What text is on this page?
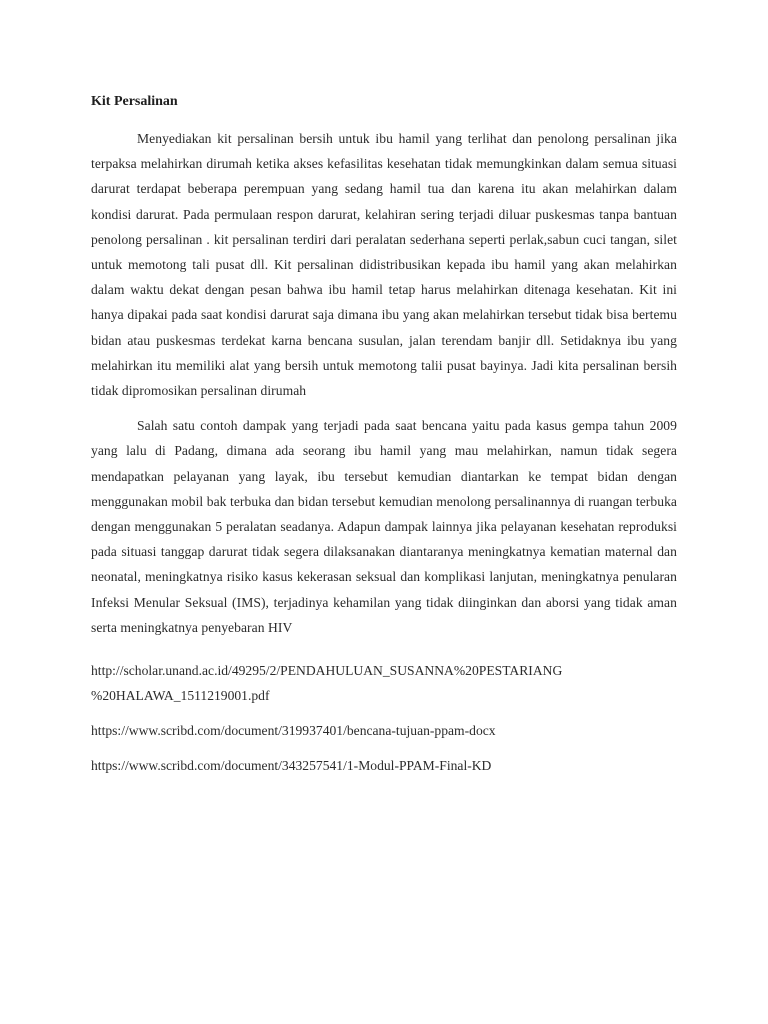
Kit Persalinan

Menyediakan kit persalinan bersih untuk ibu hamil yang terlihat dan penolong persalinan jika terpaksa melahirkan dirumah ketika akses kefasilitas kesehatan tidak memungkinkan dalam semua situasi darurat terdapat beberapa perempuan yang sedang hamil tua dan karena itu akan melahirkan dalam kondisi darurat. Pada permulaan respon darurat, kelahiran sering terjadi diluar puskesmas tanpa bantuan penolong persalinan . kit persalinan terdiri dari peralatan sederhana seperti perlak,sabun cuci tangan, silet untuk memotong tali pusat dll. Kit persalinan didistribusikan kepada ibu hamil yang akan melahirkan dalam waktu dekat dengan pesan bahwa ibu hamil tetap harus melahirkan ditenaga kesehatan. Kit ini hanya dipakai pada saat kondisi darurat saja dimana ibu yang akan melahirkan tersebut tidak bisa bertemu bidan atau puskesmas terdekat karna bencana susulan, jalan terendam banjir dll. Setidaknya ibu yang melahirkan itu memiliki alat yang bersih untuk memotong talii pusat bayinya. Jadi kita persalinan bersih tidak dipromosikan persalinan dirumah

Salah satu contoh dampak yang terjadi pada saat bencana yaitu pada kasus gempa tahun 2009 yang lalu di Padang, dimana ada seorang ibu hamil yang mau melahirkan, namun tidak segera mendapatkan pelayanan yang layak, ibu tersebut kemudian diantarkan ke tempat bidan dengan menggunakan mobil bak terbuka dan bidan tersebut kemudian menolong persalinannya di ruangan terbuka dengan menggunakan 5 peralatan seadanya. Adapun dampak lainnya jika pelayanan kesehatan reproduksi pada situasi tanggap darurat tidak segera dilaksanakan diantaranya meningkatnya kematian maternal dan neonatal, meningkatnya risiko kasus kekerasan seksual dan komplikasi lanjutan, meningkatnya penularan Infeksi Menular Seksual (IMS), terjadinya kehamilan yang tidak diinginkan dan aborsi yang tidak aman serta meningkatnya penyebaran HIV

http://scholar.unand.ac.id/49295/2/PENDAHULUAN_SUSANNA%20PESTARIANG
%20HALAWA_1511219001.pdf
https://www.scribd.com/document/319937401/bencana-tujuan-ppam-docx
https://www.scribd.com/document/343257541/1-Modul-PPAM-Final-KD
